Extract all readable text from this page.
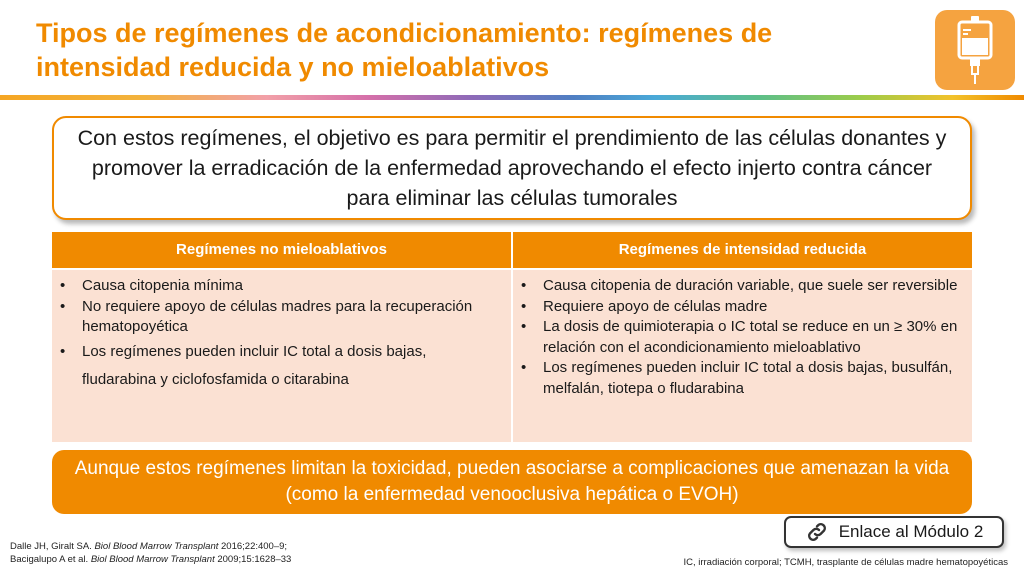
Tipos de regímenes de acondicionamiento: regímenes de intensidad reducida y no mieloablativos
Con estos regímenes, el objetivo es para permitir el prendimiento de las células donantes y promover la erradicación de la enfermedad aprovechando el efecto injerto contra cáncer para eliminar las células tumorales
Regímenes no mieloablativos	Regímenes de intensidad reducida
• Causa citopenia mínima
• No requiere apoyo de células madres para la recuperación hematopoyética
• Los regímenes pueden incluir IC total a dosis bajas, fludarabina y ciclofosfamida o citarabina
• Causa citopenia de duración variable, que suele ser reversible
• Requiere apoyo de células madre
• La dosis de quimioterapia o IC total se reduce en un ≥ 30% en relación con el acondicionamiento mieloablativo
• Los regímenes pueden incluir IC total a dosis bajas, busulfán, melfalán, tiotepa o fludarabina
Aunque estos regímenes limitan la toxicidad, pueden asociarse a complicaciones que amenazan la vida (como la enfermedad venooclusiva hepática o EVOH)
Enlace al Módulo 2
Dalle JH, Giralt SA. Biol Blood Marrow Transplant 2016;22:400–9;
Bacigalupo A et al. Biol Blood Marrow Transplant 2009;15:1628–33	IC, irradiación corporal; TCMH, trasplante de células madre hematopoyéticas
